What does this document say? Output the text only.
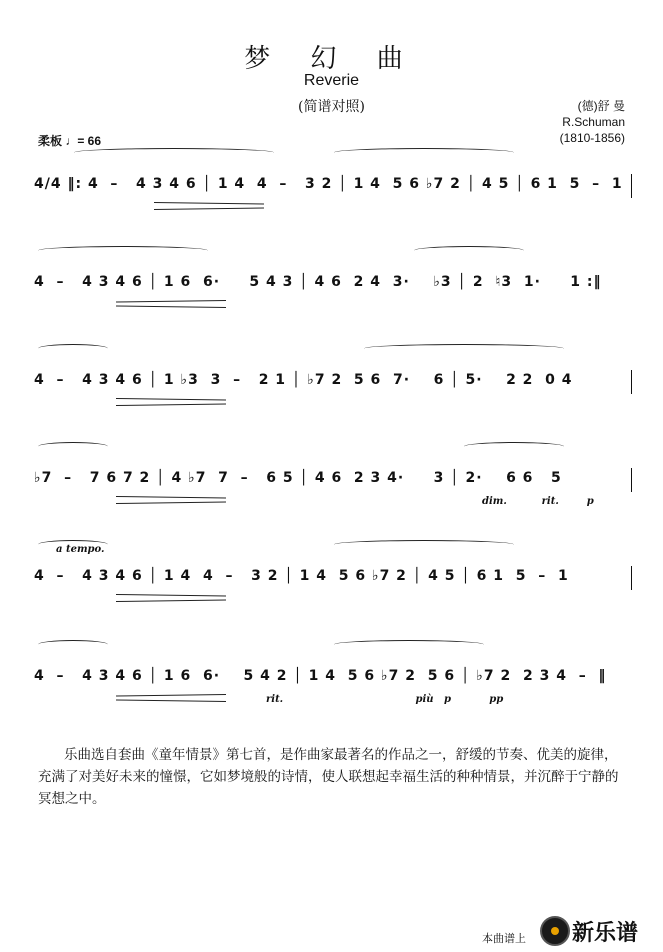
梦 幻 曲
Reverie
(简谱对照)	(德)舒 曼
R.Schuman
(1810-1856)
柔板 ♩= 66
4/4 ‖: 4  –   4 3 4 6 │ 1 4  4  –   3 2 │ 1 4  5 6 ♭7 2 │ 4 5 │ 6 1  5  –  1
4  –   4 3 4 6 │ 1 6  6·     5 4 3 │ 4 6  2 4  3·    ♭3 │ 2  ♮3  1·     1 :‖
4  –   4 3 4 6 │ 1 ♭3  3  –   2 1 │ ♭7 2  5 6  7·    6 │ 5·    2 2  0 4
♭7  –   7 6 7 2 │ 4 ♭7  7  –   6 5 │ 4 6  2 3 4·     3 │ 2·    6 6   5
dim.          rit.        p
a tempo.
4  –   4 3 4 6 │ 1 4  4  –   3 2 │ 1 4  5 6 ♭7 2 │ 4 5 │ 6 1  5  –  1
4  –   4 3 4 6 │ 1 6  6·    5 4 2 │ 1 4  5 6 ♭7 2  5 6 │ ♭7 2  2 3 4  –  ‖
rit.                                      più   p           pp
乐曲选自套曲《童年情景》第七首，是作曲家最著名的作品之一，舒缓的节奏、优美的旋律，充满了对美好未来的憧憬，它如梦境般的诗情，使人联想起幸福生活的种种情景，并沉醉于宁静的冥想之中。
本曲谱上 新乐谱
